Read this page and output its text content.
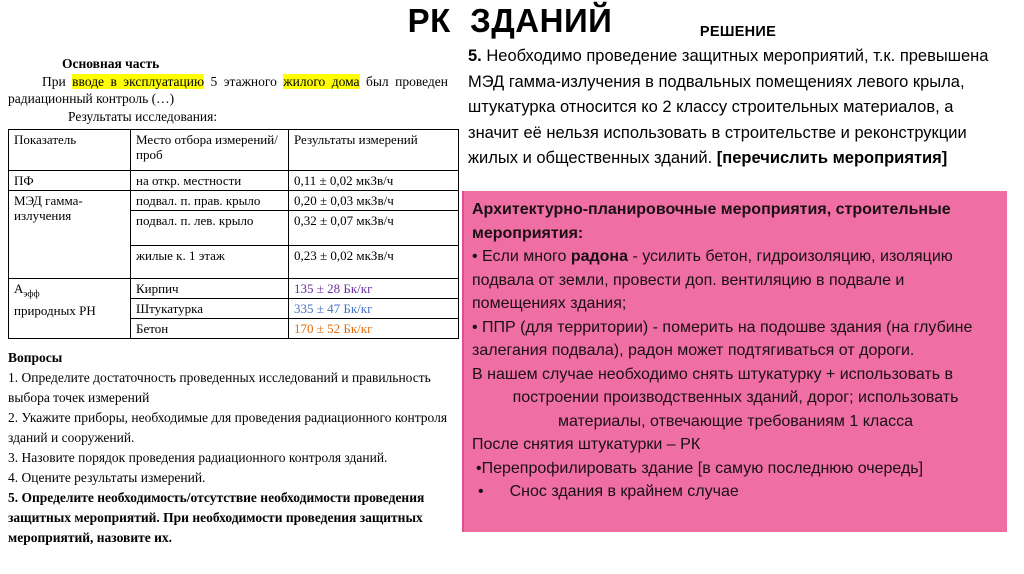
РК  ЗДАНИЙ
Основная часть

При вводе в эксплуатацию 5 этажного жилого дома был проведен радиационный контроль (…)

Результаты исследования:

Показатель	Место отбора измерений/проб	Результаты измерений
ПФ	на откр. местности	0,11 ± 0,02 мкЗв/ч
МЭД гамма-излучения	подвал. п. прав. крыло	0,20 ± 0,03 мкЗв/ч
	подвал. п. лев. крыло	0,32 ± 0,07 мкЗв/ч
	жилые к. 1 этаж	0,23 ± 0,02 мкЗв/ч
$А_{эфф}$
природных РН	Кирпич	135 ± 28 Бк/кг
	Штукатурка	335 ± 47 Бк/кг
	Бетон	170 ± 52 Бк/кг

Вопросы

1. Определите достаточность проведенных исследований и правильность выбора точек измерений

2. Укажите приборы, необходимые для проведения радиационного контроля зданий и сооружений.

3. Назовите порядок проведения радиационного контроля зданий.

4. Оцените результаты измерений.

5. Определите необходимость/отсутствие необходимости проведения защитных мероприятий. При необходимости проведения защитных мероприятий, назовите их.

РЕШЕНИЕ
5. Необходимо проведение защитных мероприятий, т.к. превышена МЭД гамма-излучения в подвальных помещениях левого крыла, штукатурка относится ко 2 классу строительных материалов, а значит её нельзя использовать в строительстве и реконструкции жилых и общественных зданий. [перечислить мероприятия]

Архитектурно-планировочные мероприятия, строительные мероприятия:

• Если много радона - усилить бетон, гидроизоляцию, изоляцию подвала от земли, провести доп. вентиляцию в подвале и помещениях здания;

• ППР (для территории) - померить на подошве здания (на глубине залегания подвала), радон может подтягиваться от дороги.

В нашем случае необходимо снять штукатурку + использовать в

построении производственных зданий, дорог; использовать

материалы, отвечающие требованиям 1 класса

После снятия штукатурки – РК

•Перепрофилировать здание [в самую последнюю очередь]

• Снос здания в крайнем случае
